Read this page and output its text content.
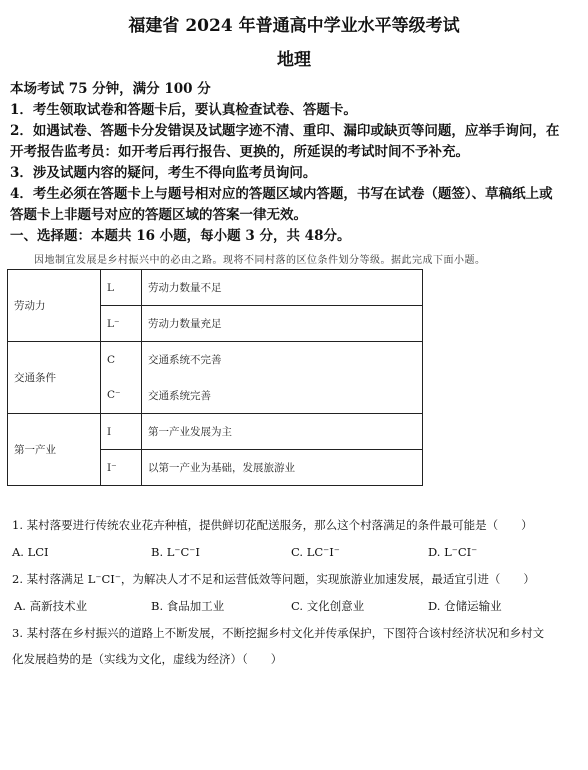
福建省 2024 年普通高中学业水平等级考试
地理
本场考试 75 分钟，满分 100 分
1．考生领取试卷和答题卡后，要认真检查试卷、答题卡。
2．如遇试卷、答题卡分发错误及试题字迹不清、重印、漏印或缺页等问题，应举手询问，在
开考报告监考员：如开考后再行报告、更换的，所延误的考试时间不予补充。
3．涉及试题内容的疑问，考生不得向监考员询问。
4．考生必须在答题卡上与题号相对应的答题区域内答题，书写在试卷（题签）、草稿纸上或
答题卡上非题号对应的答题区域的答案一律无效。
一、选择题：本题共 16 小题，每小题 3 分，共 48分。
因地制宜发展是乡村振兴中的必由之路。现将不同村落的区位条件划分等级。据此完成下面小题。
劳动力	L	劳动力数量不足
	L⁻	劳动力数量充足
交通条件	C	交通系统不完善
	C⁻	交通系统完善
第一产业	I	第一产业发展为主
	I⁻	以第一产业为基础，发展旅游业
1. 某村落要进行传统农业花卉种植，提供鲜切花配送服务，那么这个村落满足的条件最可能是（　　）
A. LCI	B. L⁻C⁻I	C. LC⁻I⁻	D. L⁻CI⁻
2. 某村落满足 L⁻CI⁻，为解决人才不足和运营低效等问题，实现旅游业加速发展，最适宜引进（　　）
A. 高新技术业	B. 食品加工业	C. 文化创意业	D. 仓储运输业
3. 某村落在乡村振兴的道路上不断发展，不断挖掘乡村文化并传承保护，下图符合该村经济状况和乡村文
化发展趋势的是（实线为文化，虚线为经济）（　　）
